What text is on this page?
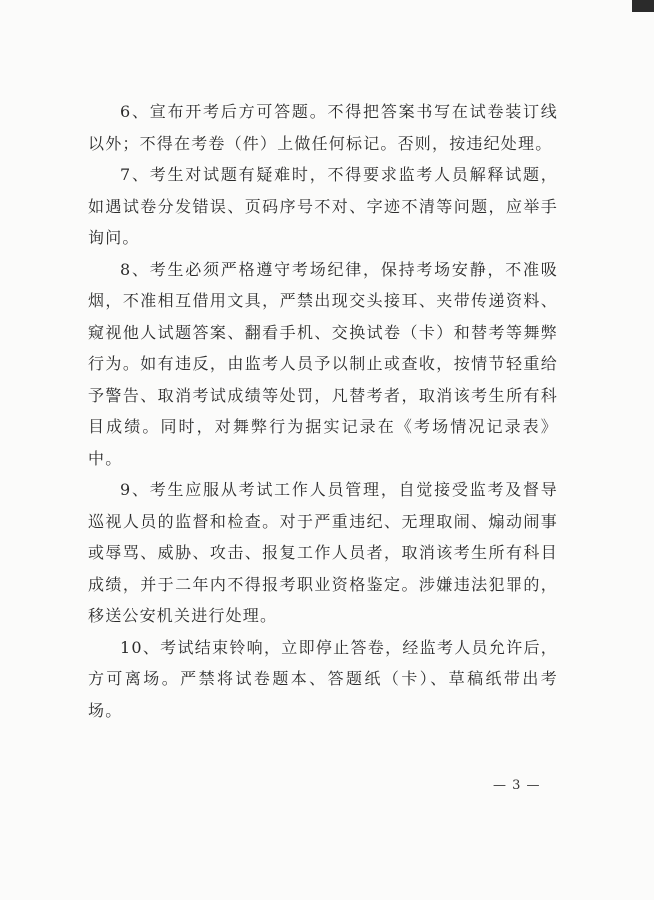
6、宣布开考后方可答题。不得把答案书写在试卷装订线以外；不得在考卷（件）上做任何标记。否则，按违纪处理。

7、考生对试题有疑难时，不得要求监考人员解释试题，如遇试卷分发错误、页码序号不对、字迹不清等问题，应举手询问。

8、考生必须严格遵守考场纪律，保持考场安静，不准吸烟，不准相互借用文具，严禁出现交头接耳、夹带传递资料、窥视他人试题答案、翻看手机、交换试卷（卡）和替考等舞弊行为。如有违反，由监考人员予以制止或查收，按情节轻重给予警告、取消考试成绩等处罚，凡替考者，取消该考生所有科目成绩。同时，对舞弊行为据实记录在《考场情况记录表》中。

9、考生应服从考试工作人员管理，自觉接受监考及督导巡视人员的监督和检查。对于严重违纪、无理取闹、煽动闹事或辱骂、威胁、攻击、报复工作人员者，取消该考生所有科目成绩，并于二年内不得报考职业资格鉴定。涉嫌违法犯罪的，移送公安机关进行处理。

10、考试结束铃响，立即停止答卷，经监考人员允许后，方可离场。严禁将试卷题本、答题纸（卡）、草稿纸带出考场。

— 3 —
